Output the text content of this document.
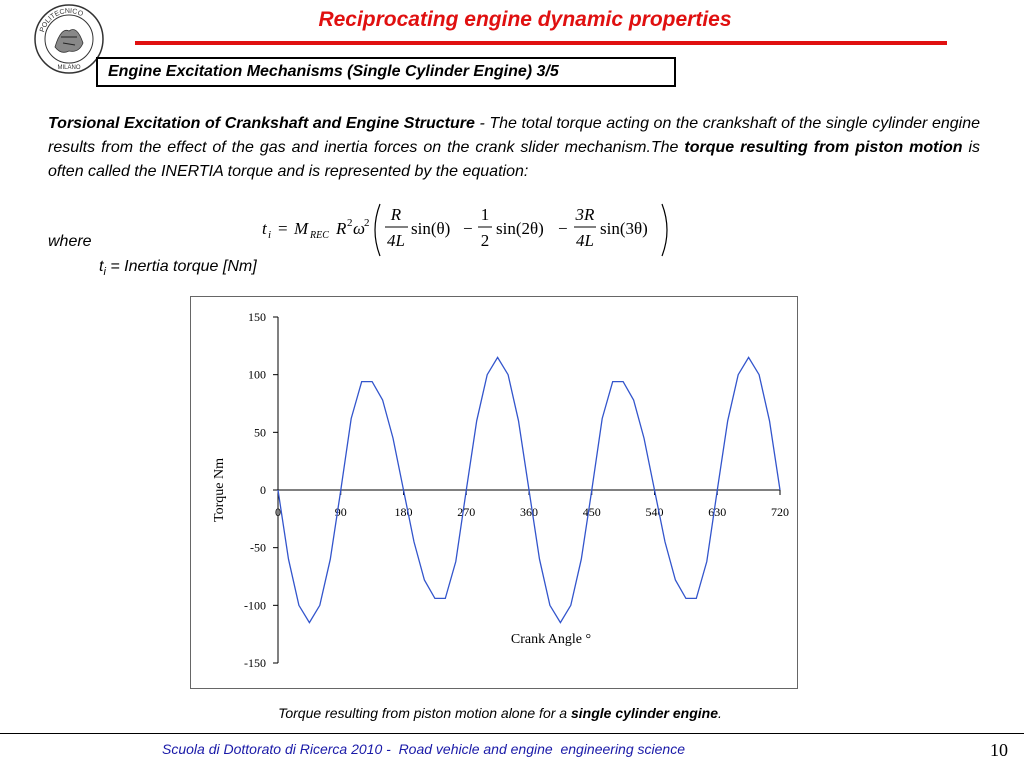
POLITECNICO
MILANO
Reciprocating engine dynamic properties
Engine Excitation Mechanisms (Single Cylinder Engine) 3/5
Torsional Excitation of Crankshaft and Engine Structure - The total torque acting on the crankshaft of the single cylinder engine results from the effect of the gas and inertia forces on the crank slider mechanism.The torque resulting from piston motion is often called the INERTIA torque and is represented by the equation:
t i = M REC R 2 ω
2 R
4L
sin(θ) −
1
2
sin(2θ) −
3R
4L
sin(3θ)
where
$t_i$ = Inertia torque [Nm]
150
100
50
0
-50
-100
-150
0	90	180	270	360	450	540	630	720
Crank Angle °
Torque Nm
Torque resulting from piston motion alone for a single cylinder engine.
Scuola di Dottorato di Ricerca 2010 -  Road vehicle and engine  engineering science	10
